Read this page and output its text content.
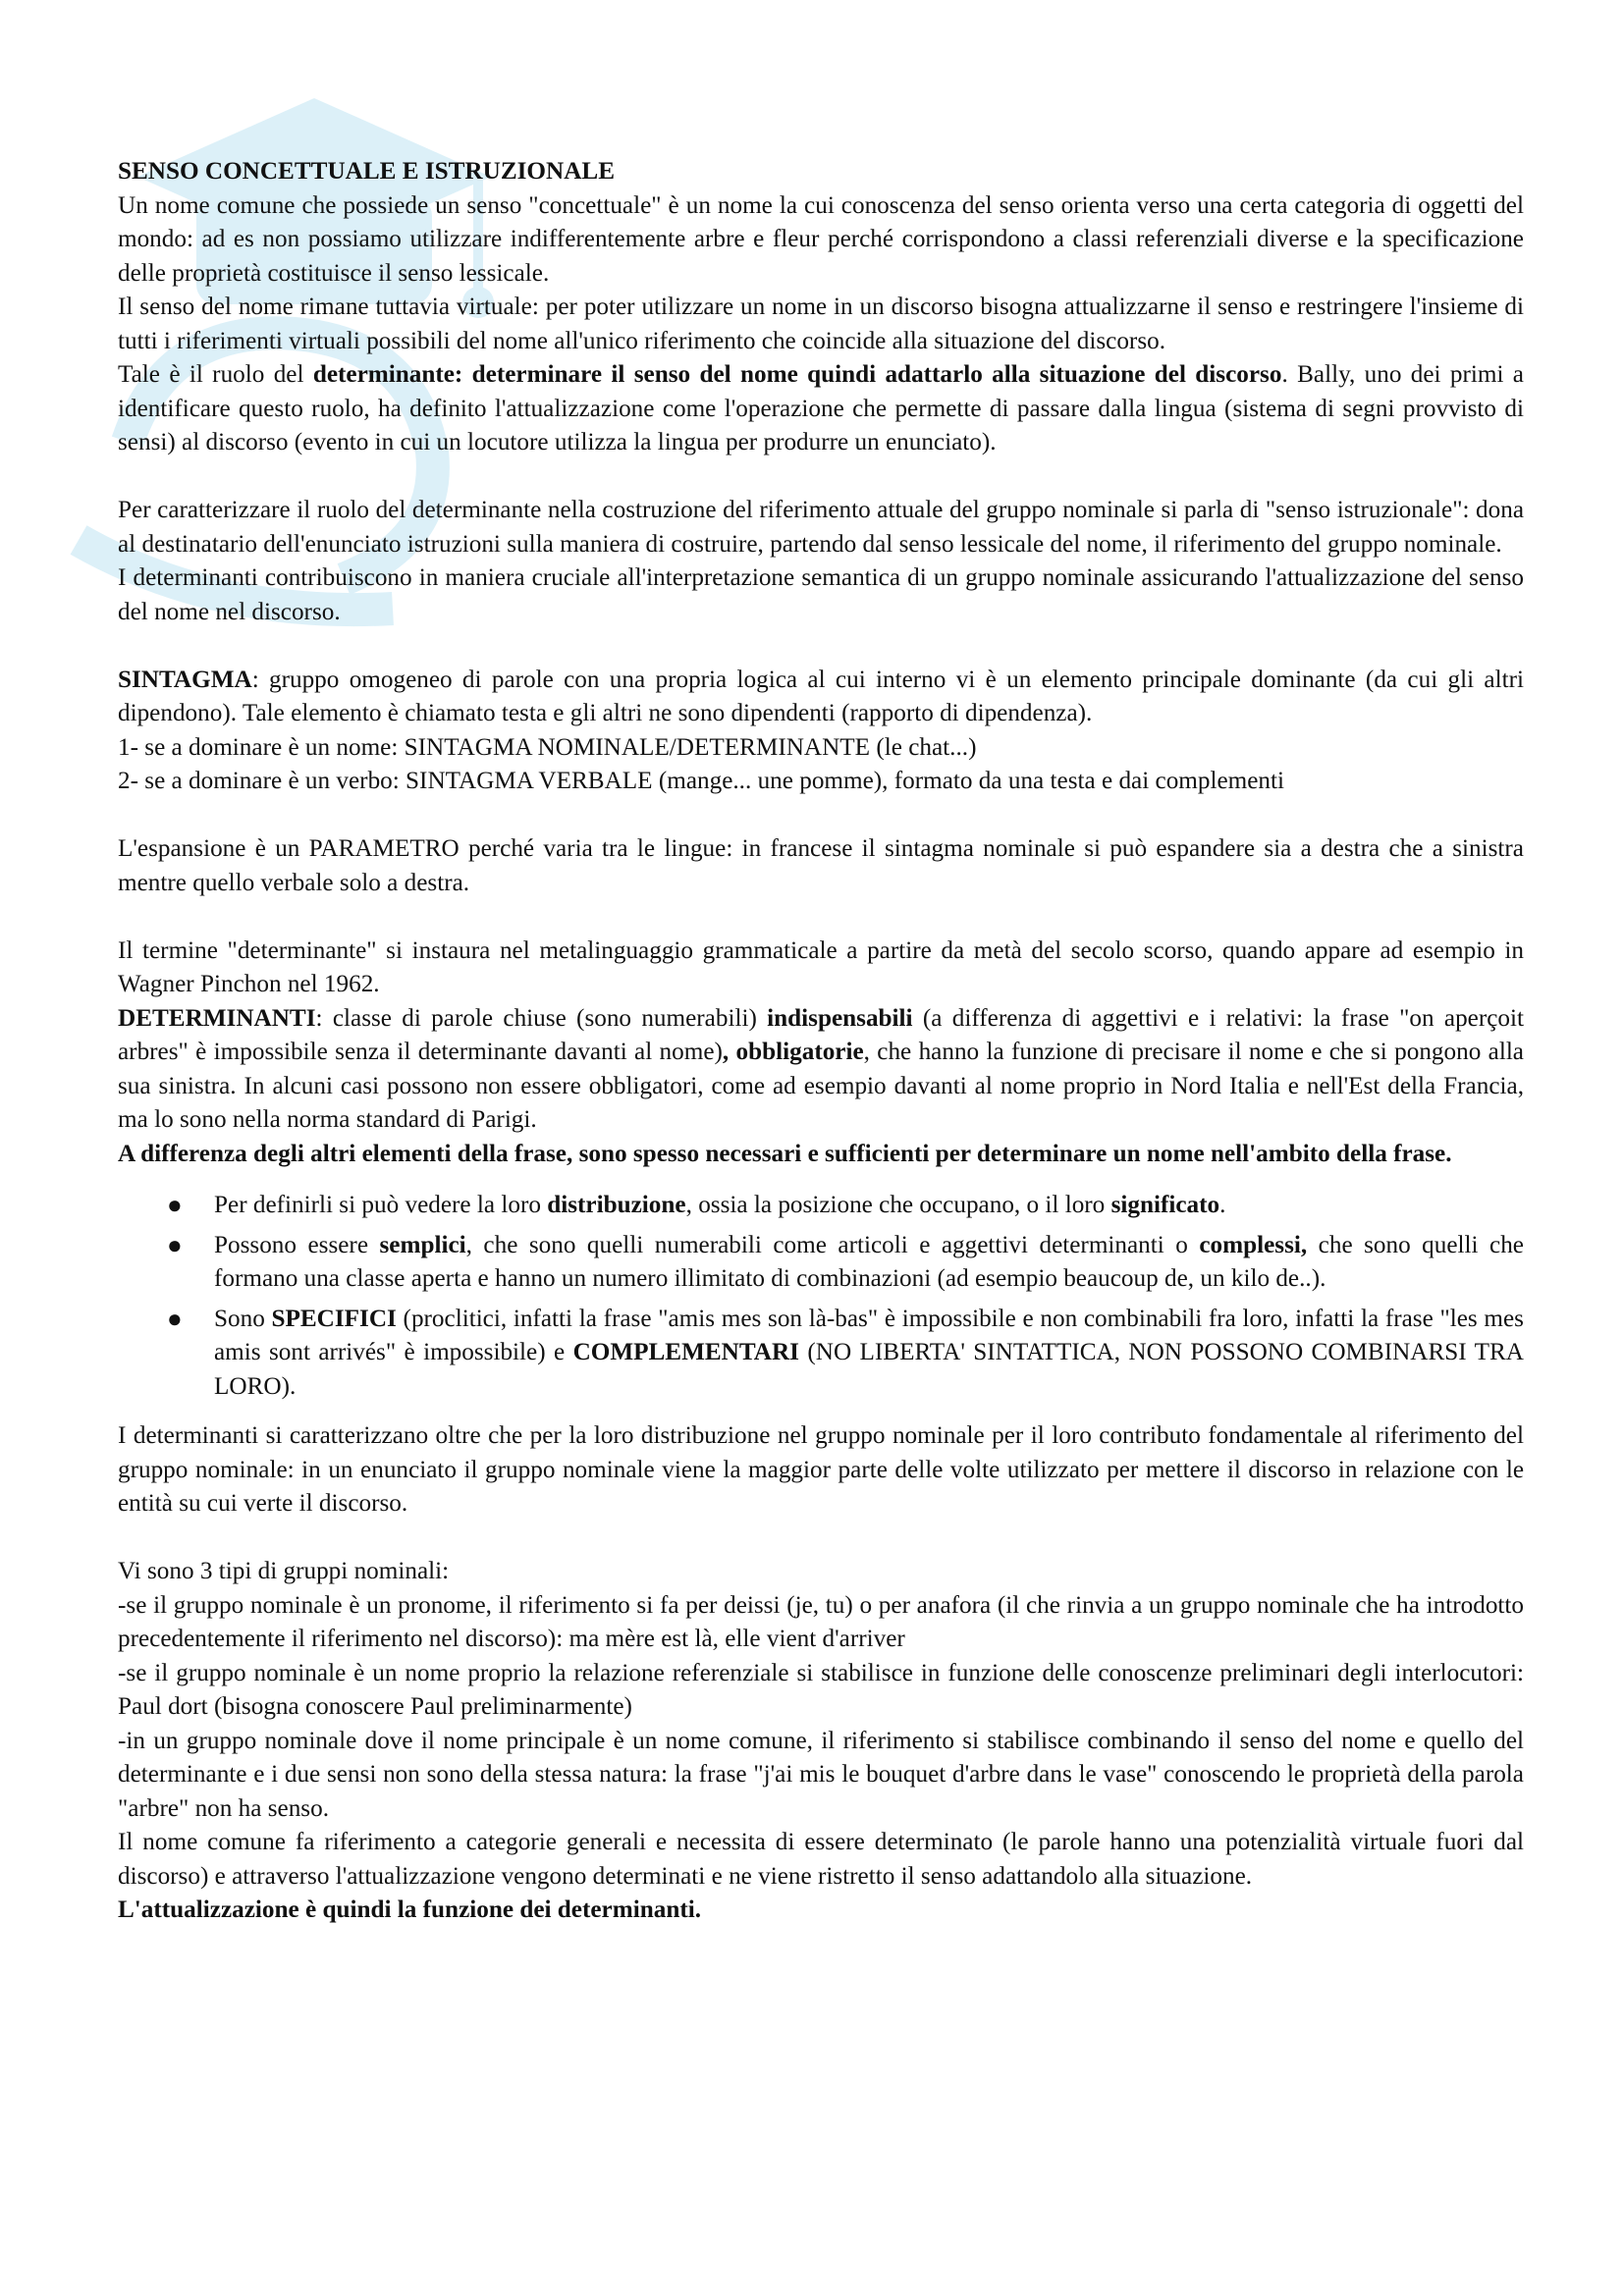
SENSO CONCETTUALE E ISTRUZIONALE

Un nome comune che possiede un senso "concettuale" è un nome la cui conoscenza del senso orienta verso una certa categoria di oggetti del mondo: ad es non possiamo utilizzare indifferentemente arbre e fleur perché corrispondono a classi referenziali diverse e la specificazione delle proprietà costituisce il senso lessicale.

Il senso del nome rimane tuttavia virtuale: per poter utilizzare un nome in un discorso bisogna attualizzarne il senso e restringere l'insieme di tutti i riferimenti virtuali possibili del nome all'unico riferimento che coincide alla situazione del discorso.

Tale è il ruolo del determinante: determinare il senso del nome quindi adattarlo alla situazione del discorso. Bally, uno dei primi a identificare questo ruolo, ha definito l'attualizzazione come l'operazione che permette di passare dalla lingua (sistema di segni provvisto di sensi) al discorso (evento in cui un locutore utilizza la lingua per produrre un enunciato).

Per caratterizzare il ruolo del determinante nella costruzione del riferimento attuale del gruppo nominale si parla di "senso istruzionale": dona al destinatario dell'enunciato istruzioni sulla maniera di costruire, partendo dal senso lessicale del nome, il riferimento del gruppo nominale.

I determinanti contribuiscono in maniera cruciale all'interpretazione semantica di un gruppo nominale assicurando l'attualizzazione del senso del nome nel discorso.

SINTAGMA: gruppo omogeneo di parole con una propria logica al cui interno vi è un elemento principale dominante (da cui gli altri dipendono). Tale elemento è chiamato testa e gli altri ne sono dipendenti (rapporto di dipendenza).

1- se a dominare è un nome: SINTAGMA NOMINALE/DETERMINANTE (le chat...)

2- se a dominare è un verbo: SINTAGMA VERBALE (mange... une pomme), formato da una testa e dai complementi

L'espansione è un PARAMETRO perché varia tra le lingue: in francese il sintagma nominale si può espandere sia a destra che a sinistra mentre quello verbale solo a destra.

Il termine "determinante" si instaura nel metalinguaggio grammaticale a partire da metà del secolo scorso, quando appare ad esempio in Wagner Pinchon nel 1962.

DETERMINANTI: classe di parole chiuse (sono numerabili) indispensabili (a differenza di aggettivi e i relativi: la frase "on aperçoit arbres" è impossibile senza il determinante davanti al nome), obbligatorie, che hanno la funzione di precisare il nome e che si pongono alla sua sinistra. In alcuni casi possono non essere obbligatori, come ad esempio davanti al nome proprio in Nord Italia e nell'Est della Francia, ma lo sono nella norma standard di Parigi.

A differenza degli altri elementi della frase, sono spesso necessari e sufficienti per determinare un nome nell'ambito della frase.

● Per definirli si può vedere la loro distribuzione, ossia la posizione che occupano, o il loro significato.
● Possono essere semplici, che sono quelli numerabili come articoli e aggettivi determinanti o complessi, che sono quelli che formano una classe aperta e hanno un numero illimitato di combinazioni (ad esempio beaucoup de, un kilo de..).
● Sono SPECIFICI (proclitici, infatti la frase "amis mes son là-bas" è impossibile e non combinabili fra loro, infatti la frase "les mes amis sont arrivés" è impossibile) e COMPLEMENTARI (NO LIBERTA' SINTATTICA, NON POSSONO COMBINARSI TRA LORO).

I determinanti si caratterizzano oltre che per la loro distribuzione nel gruppo nominale per il loro contributo fondamentale al riferimento del gruppo nominale: in un enunciato il gruppo nominale viene la maggior parte delle volte utilizzato per mettere il discorso in relazione con le entità su cui verte il discorso.

Vi sono 3 tipi di gruppi nominali:

-se il gruppo nominale è un pronome, il riferimento si fa per deissi (je, tu) o per anafora (il che rinvia a un gruppo nominale che ha introdotto precedentemente il riferimento nel discorso): ma mère est là, elle vient d'arriver

-se il gruppo nominale è un nome proprio la relazione referenziale si stabilisce in funzione delle conoscenze preliminari degli interlocutori: Paul dort (bisogna conoscere Paul preliminarmente)

-in un gruppo nominale dove il nome principale è un nome comune, il riferimento si stabilisce combinando il senso del nome e quello del determinante e i due sensi non sono della stessa natura: la frase "j'ai mis le bouquet d'arbre dans le vase" conoscendo le proprietà della parola "arbre" non ha senso.

Il nome comune fa riferimento a categorie generali e necessita di essere determinato (le parole hanno una potenzialità virtuale fuori dal discorso) e attraverso l'attualizzazione vengono determinati e ne viene ristretto il senso adattandolo alla situazione.

L'attualizzazione è quindi la funzione dei determinanti.
